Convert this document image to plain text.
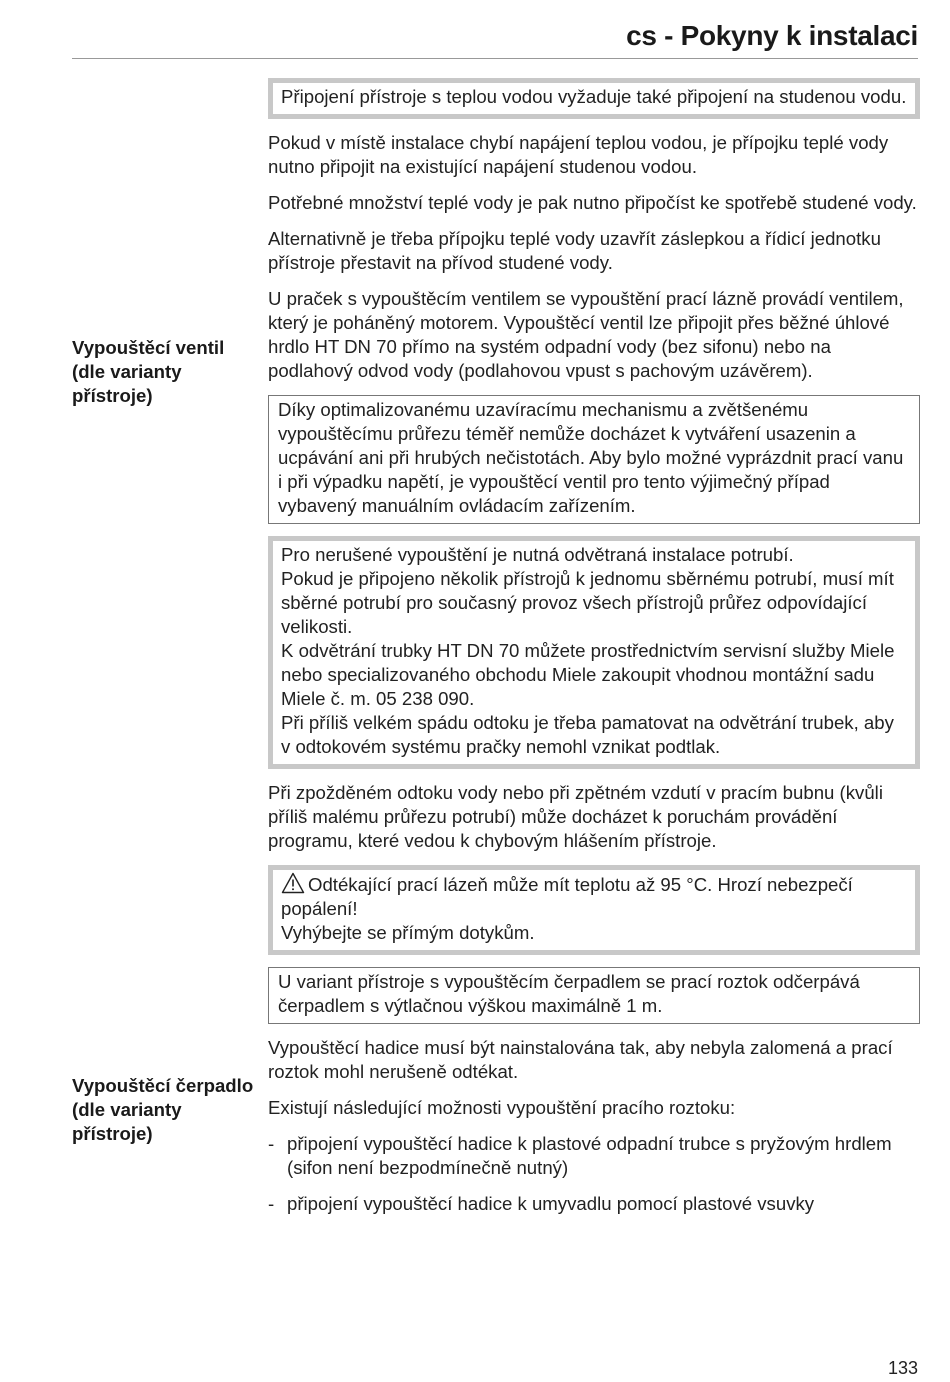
cs - Pokyny k instalaci
Vypouštěcí ventil (dle varianty přístroje)
Vypouštěcí čerpadlo (dle varianty přístroje)

Připojení přístroje s teplou vodou vyžaduje také připojení na studenou vodu.

Pokud v místě instalace chybí napájení teplou vodou, je přípojku teplé vody nutno připojit na existující napájení studenou vodou.

Potřebné množství teplé vody je pak nutno připočíst ke spotřebě studené vody.

Alternativně je třeba přípojku teplé vody uzavřít záslepkou a řídicí jednotku přístroje přestavit na přívod studené vody.

U praček s vypouštěcím ventilem se vypouštění prací lázně provádí ventilem, který je poháněný motorem. Vypouštěcí ventil lze připojit přes běžné úhlové hrdlo HT DN 70 přímo na systém odpadní vody (bez sifonu) nebo na podlahový odvod vody (podlahovou vpust s pachovým uzávěrem).

Díky optimalizovanému uzavíracímu mechanismu a zvětšenému vypouštěcímu průřezu téměř nemůže docházet k vytváření usazenin a ucpávání ani při hrubých nečistotách. Aby bylo možné vyprázdnit prací vanu i při výpadku napětí, je vypouštěcí ventil pro tento výjimečný případ vybavený manuálním ovládacím zařízením.

Pro nerušené vypouštění je nutná odvětraná instalace potrubí.

Pokud je připojeno několik přístrojů k jednomu sběrnému potrubí, musí mít sběrné potrubí pro současný provoz všech přístrojů průřez odpovídající velikosti.

K odvětrání trubky HT DN 70 můžete prostřednictvím servisní služby Miele nebo specializovaného obchodu Miele zakoupit vhodnou montážní sadu Miele č. m. 05 238 090.

Při příliš velkém spádu odtoku je třeba pamatovat na odvětrání trubek, aby v odtokovém systému pračky nemohl vznikat podtlak.

Při zpožděném odtoku vody nebo při zpětném vzdutí v pracím bubnu (kvůli příliš malému průřezu potrubí) může docházet k poruchám provádění programu, které vedou k chybovým hlášením přístroje.

Odtékající prací lázeň může mít teplotu až 95 °C. Hrozí nebezpečí popálení!

Vyhýbejte se přímým dotykům.

U variant přístroje s vypouštěcím čerpadlem se prací roztok odčerpává čerpadlem s výtlačnou výškou maximálně 1 m.

Vypouštěcí hadice musí být nainstalována tak, aby nebyla zalomená a prací roztok mohl nerušeně odtékat.

Existují následující možnosti vypouštění pracího roztoku:

- připojení vypouštěcí hadice k plastové odpadní trubce s pryžovým hrdlem (sifon není bezpodmínečně nutný)
- připojení vypouštěcí hadice k umyvadlu pomocí plastové vsuvky
133
